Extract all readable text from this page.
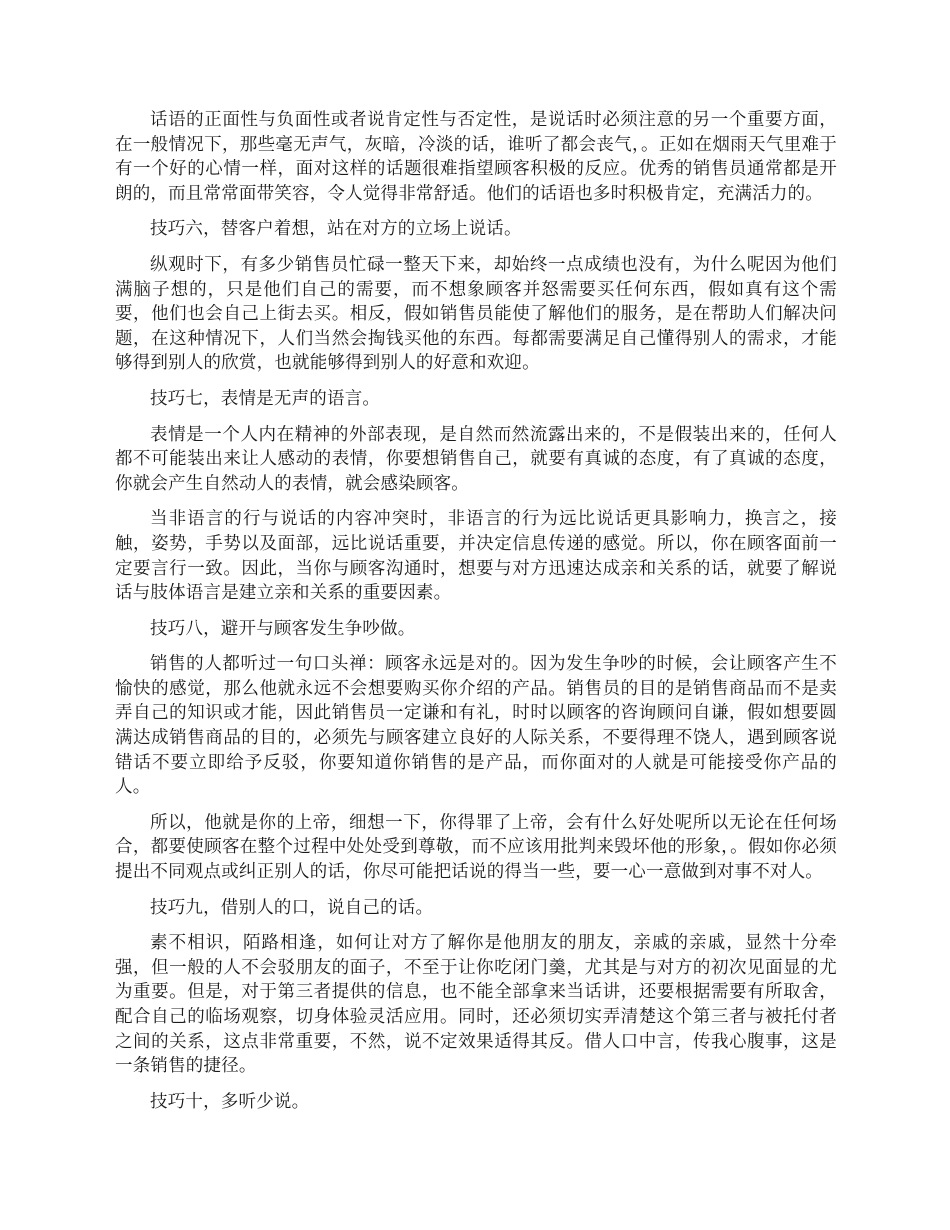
话语的正面性与负面性或者说肯定性与否定性，是说话时必须注意的另一个重要方面，在一般情况下，那些毫无声气，灰暗，冷淡的话，谁听了都会丧气，。正如在烟雨天气里难于有一个好的心情一样，面对这样的话题很难指望顾客积极的反应。优秀的销售员通常都是开朗的，而且常常面带笑容，令人觉得非常舒适。他们的话语也多时积极肯定，充满活力的。

技巧六，替客户着想，站在对方的立场上说话。

纵观时下，有多少销售员忙碌一整天下来，却始终一点成绩也没有，为什么呢因为他们满脑子想的，只是他们自己的需要，而不想象顾客并怒需要买任何东西，假如真有这个需要，他们也会自己上街去买。相反，假如销售员能使了解他们的服务，是在帮助人们解决问题，在这种情况下，人们当然会掏钱买他的东西。每都需要满足自己懂得别人的需求，才能够得到别人的欣赏，也就能够得到别人的好意和欢迎。

技巧七，表情是无声的语言。

表情是一个人内在精神的外部表现，是自然而然流露出来的，不是假装出来的，任何人都不可能装出来让人感动的表情，你要想销售自己，就要有真诚的态度，有了真诚的态度，你就会产生自然动人的表情，就会感染顾客。

当非语言的行与说话的内容冲突时，非语言的行为远比说话更具影响力，换言之，接触，姿势，手势以及面部，远比说话重要，并决定信息传递的感觉。所以，你在顾客面前一定要言行一致。因此，当你与顾客沟通时，想要与对方迅速达成亲和关系的话，就要了解说话与肢体语言是建立亲和关系的重要因素。

技巧八，避开与顾客发生争吵做。

销售的人都听过一句口头禅：顾客永远是对的。因为发生争吵的时候，会让顾客产生不愉快的感觉，那么他就永远不会想要购买你介绍的产品。销售员的目的是销售商品而不是卖弄自己的知识或才能，因此销售员一定谦和有礼，时时以顾客的咨询顾问自谦，假如想要圆满达成销售商品的目的，必须先与顾客建立良好的人际关系，不要得理不饶人，遇到顾客说错话不要立即给予反驳，你要知道你销售的是产品，而你面对的人就是可能接受你产品的人。

所以，他就是你的上帝，细想一下，你得罪了上帝，会有什么好处呢所以无论在任何场合，都要使顾客在整个过程中处处受到尊敬，而不应该用批判来毁坏他的形象，。假如你必须提出不同观点或纠正别人的话，你尽可能把话说的得当一些，要一心一意做到对事不对人。

技巧九，借别人的口，说自己的话。

素不相识，陌路相逢，如何让对方了解你是他朋友的朋友，亲戚的亲戚，显然十分牵强，但一般的人不会驳朋友的面子，不至于让你吃闭门羹，尤其是与对方的初次见面显的尤为重要。但是，对于第三者提供的信息，也不能全部拿来当话讲，还要根据需要有所取舍，配合自己的临场观察，切身体验灵活应用。同时，还必须切实弄清楚这个第三者与被托付者之间的关系，这点非常重要，不然，说不定效果适得其反。借人口中言，传我心腹事，这是一条销售的捷径。

技巧十，多听少说。
